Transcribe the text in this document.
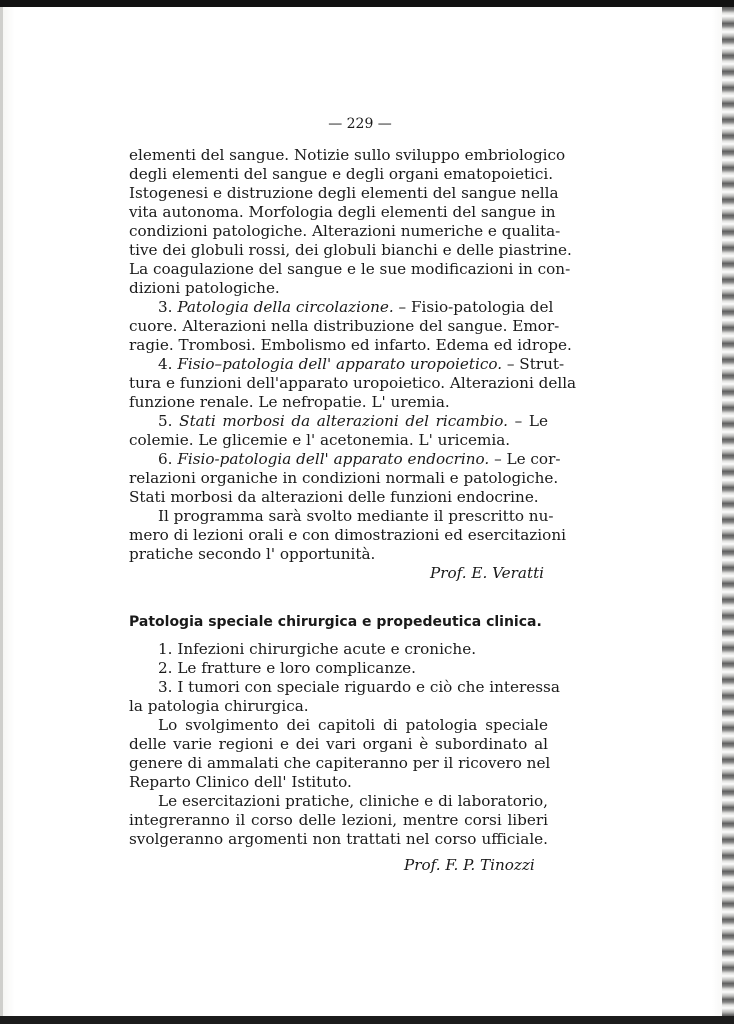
— 229 —
elementi del sangue. Notizie sullo sviluppo embriologico
degli elementi del sangue e degli organi ematopoietici.
Istogenesi e distruzione degli elementi del sangue nella
vita autonoma. Morfologia degli elementi del sangue in
condizioni patologiche. Alterazioni numeriche e qualita-
tive dei globuli rossi, dei globuli bianchi e delle piastrine.
La coagulazione del sangue e le sue modificazioni in con-
dizioni patologiche.
3. Patologia della circolazione. – Fisio-patologia del
cuore. Alterazioni nella distribuzione del sangue. Emor-
ragie. Trombosi. Embolismo ed infarto. Edema ed idrope.
4. Fisio–patologia dell' apparato uropoietico. – Strut-
tura e funzioni dell'apparato uropoietico. Alterazioni della
funzione renale. Le nefropatie. L' uremia.
5. Stati morbosi da alterazioni del ricambio. – Le
colemie. Le glicemie e l' acetonemia. L' uricemia.
6. Fisio-patologia dell' apparato endocrino. – Le cor-
relazioni organiche in condizioni normali e patologiche.
Stati morbosi da alterazioni delle funzioni endocrine.
Il programma sarà svolto mediante il prescritto nu-
mero di lezioni orali e con dimostrazioni ed esercitazioni
pratiche secondo l' opportunità.
Prof. E. Veratti
Patologia speciale chirurgica e propedeutica clinica.
1. Infezioni chirurgiche acute e croniche.
2. Le fratture e loro complicanze.
3. I tumori con speciale riguardo e ciò che interessa
la patologia chirurgica.
Lo svolgimento dei capitoli di patologia speciale
delle varie regioni e dei vari organi è subordinato al
genere di ammalati che capiteranno per il ricovero nel
Reparto Clinico dell' Istituto.
Le esercitazioni pratiche, cliniche e di laboratorio,
integreranno il corso delle lezioni, mentre corsi liberi
svolgeranno argomenti non trattati nel corso ufficiale.
Prof. F. P. Tinozzi
